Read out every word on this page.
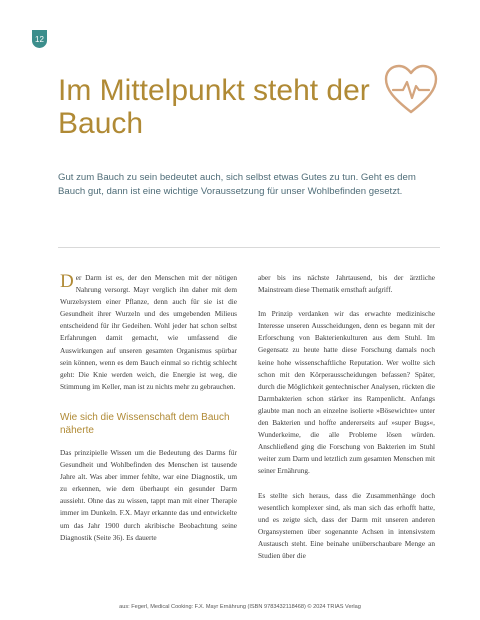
12
Im Mittelpunkt steht der Bauch

Gut zum Bauch zu sein bedeutet auch, sich selbst etwas Gutes zu tun. Geht es dem Bauch gut, dann ist eine wichtige Voraussetzung für unser Wohlbefinden gesetzt.

Der Darm ist es, der den Menschen mit der nötigen Nahrung versorgt. Mayr verglich ihn daher mit dem Wurzelsystem einer Pflanze, denn auch für sie ist die Gesundheit ihrer Wurzeln und des umgebenden Milieus entscheidend für ihr Gedeihen. Wohl jeder hat schon selbst Erfahrungen damit gemacht, wie umfassend die Auswirkungen auf unseren gesamten Organismus spürbar sein können, wenn es dem Bauch einmal so richtig schlecht geht: Die Knie werden weich, die Energie ist weg, die Stimmung im Keller, man ist zu nichts mehr zu gebrauchen.

Wie sich die Wissenschaft dem Bauch näherte

Das prinzipielle Wissen um die Bedeutung des Darms für Gesundheit und Wohlbefinden des Menschen ist tausende Jahre alt. Was aber immer fehlte, war eine Diagnostik, um zu erkennen, wie dem überhaupt ein gesunder Darm aussieht. Ohne das zu wissen, tappt man mit einer Therapie immer im Dunkeln. F.X. Mayr erkannte das und entwickelte um das Jahr 1900 durch akribische Beobachtung seine Diagnostik (Seite 36). Es dauerte

aber bis ins nächste Jahrtausend, bis der ärztliche Mainstream diese Thematik ernsthaft aufgriff.

Im Prinzip verdanken wir das erwachte medizinische Interesse unseren Ausscheidungen, denn es begann mit der Erforschung von Bakterienkulturen aus dem Stuhl. Im Gegensatz zu heute hatte diese Forschung damals noch keine hohe wissenschaftliche Reputation. Wer wollte sich schon mit den Körperausscheidungen befassen? Später, durch die Möglichkeit gentechnischer Analysen, rückten die Darmbakterien schon stärker ins Rampenlicht. Anfangs glaubte man noch an einzelne isolierte »Bösewichte« unter den Bakterien und hoffte andererseits auf »super Bugs«, Wunderkeime, die alle Probleme lösen würden. Anschließend ging die Forschung von Bakterien im Stuhl weiter zum Darm und letztlich zum gesamten Menschen mit seiner Ernährung.

Es stellte sich heraus, dass die Zusammenhänge doch wesentlich komplexer sind, als man sich das erhofft hatte, und es zeigte sich, dass der Darm mit unseren anderen Organsystemen über sogenannte Achsen in intensivstem Austausch steht. Eine beinahe unüberschaubare Menge an Studien über die

aus: Fegerl, Medical Cooking: F.X. Mayr Ernährung (ISBN 9783432118468) © 2024 TRIAS Verlag
